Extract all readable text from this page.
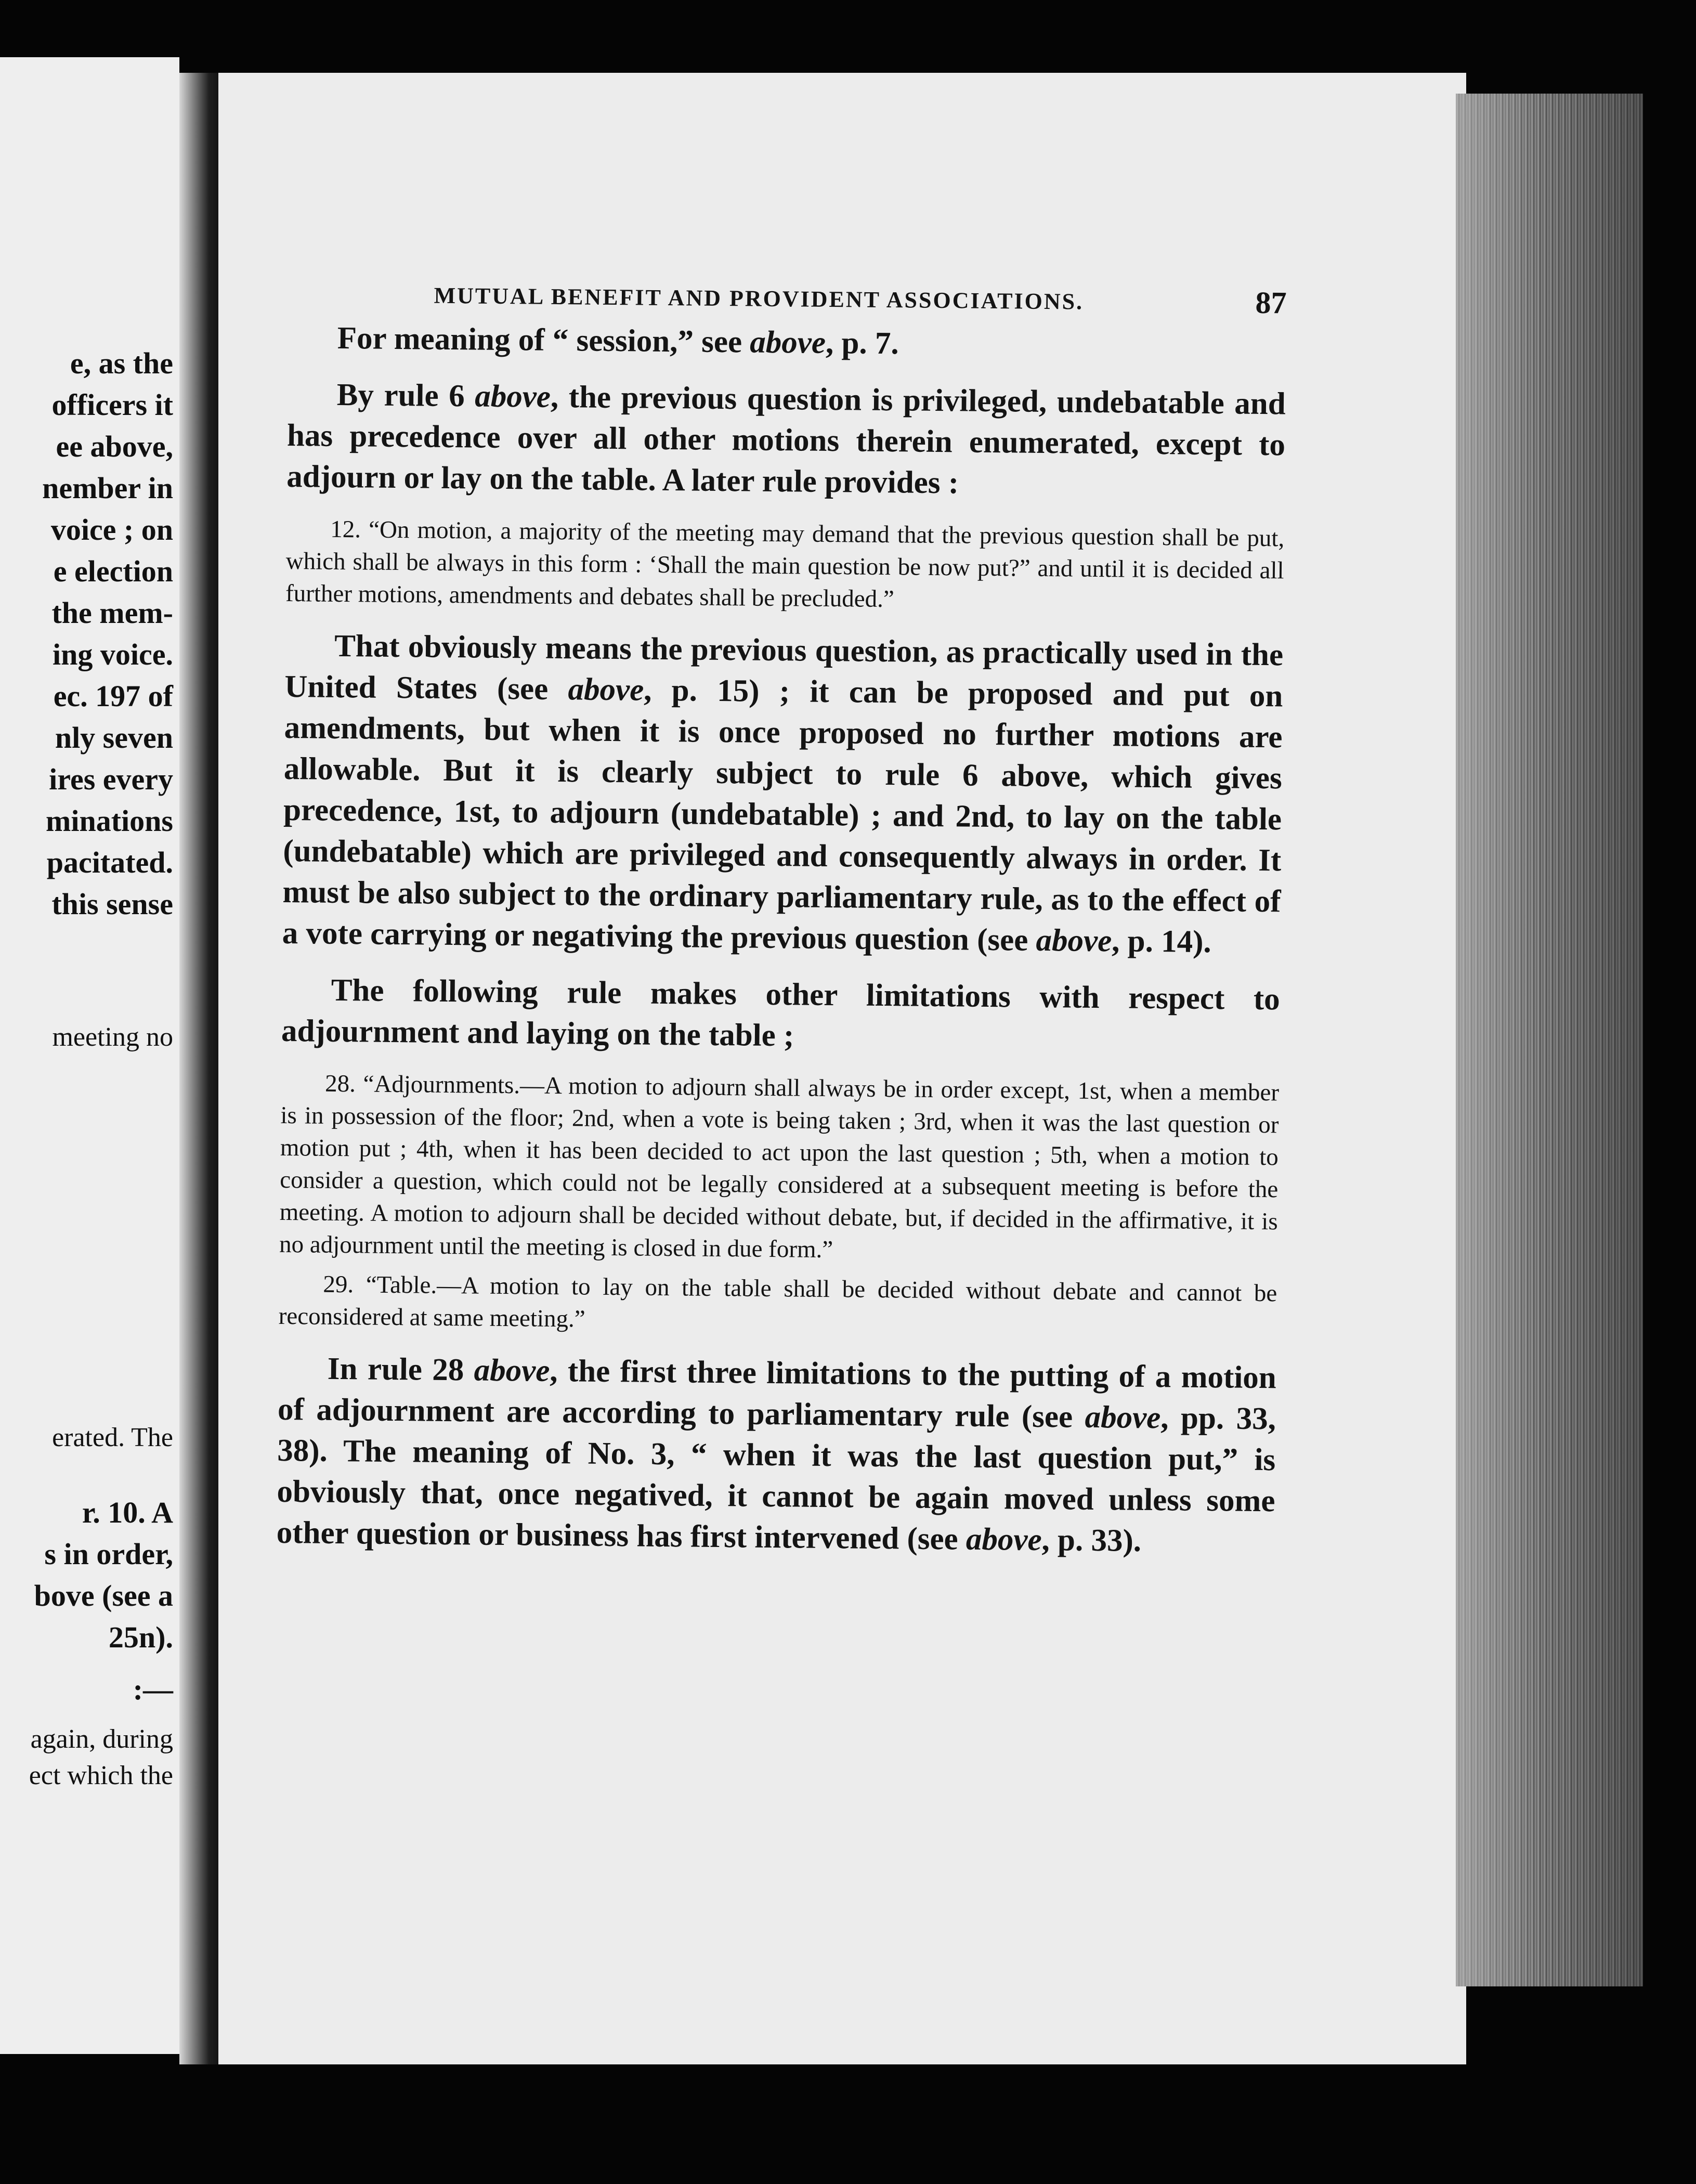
e, as the
officers it
ee above,
nember in
voice ; on
e election
the mem-
ing voice.
ec. 197 of
nly seven
ires every
minations
pacitated.
this sense
meeting no
erated. The
r. 10. A
s in order,
bove (see a
25n).
:—
again, during
ect which the
MUTUAL BENEFIT AND PROVIDENT ASSOCIATIONS.	87

For meaning of “ session,” see above, p. 7.

By rule 6 above, the previous question is privileged, undebatable and has precedence over all other motions therein enumerated, except to adjourn or lay on the table. A later rule provides :

12. “On motion, a majority of the meeting may demand that the previous question shall be put, which shall be always in this form : ‘Shall the main question be now put?” and until it is decided all further motions, amendments and debates shall be precluded.”

That obviously means the previous question, as practically used in the United States (see above, p. 15) ; it can be proposed and put on amendments, but when it is once proposed no further motions are allowable. But it is clearly subject to rule 6 above, which gives precedence, 1st, to adjourn (undebatable) ; and 2nd, to lay on the table (undebatable) which are privileged and consequently always in order. It must be also subject to the ordinary parliamentary rule, as to the effect of a vote carrying or negativing the previous question (see above, p. 14).

The following rule makes other limitations with respect to adjournment and laying on the table ;

28. “Adjournments.—A motion to adjourn shall always be in order except, 1st, when a member is in possession of the floor; 2nd, when a vote is being taken ; 3rd, when it was the last question or motion put ; 4th, when it has been decided to act upon the last question ; 5th, when a motion to consider a question, which could not be legally considered at a subsequent meeting is before the meeting. A motion to adjourn shall be decided without debate, but, if decided in the affirmative, it is no adjournment until the meeting is closed in due form.”

29. “Table.—A motion to lay on the table shall be decided without debate and cannot be reconsidered at same meeting.”

In rule 28 above, the first three limitations to the putting of a motion of adjournment are according to parliamentary rule (see above, pp. 33, 38). The meaning of No. 3, “ when it was the last question put,” is obviously that, once negatived, it cannot be again moved unless some other question or business has first intervened (see above, p. 33).
